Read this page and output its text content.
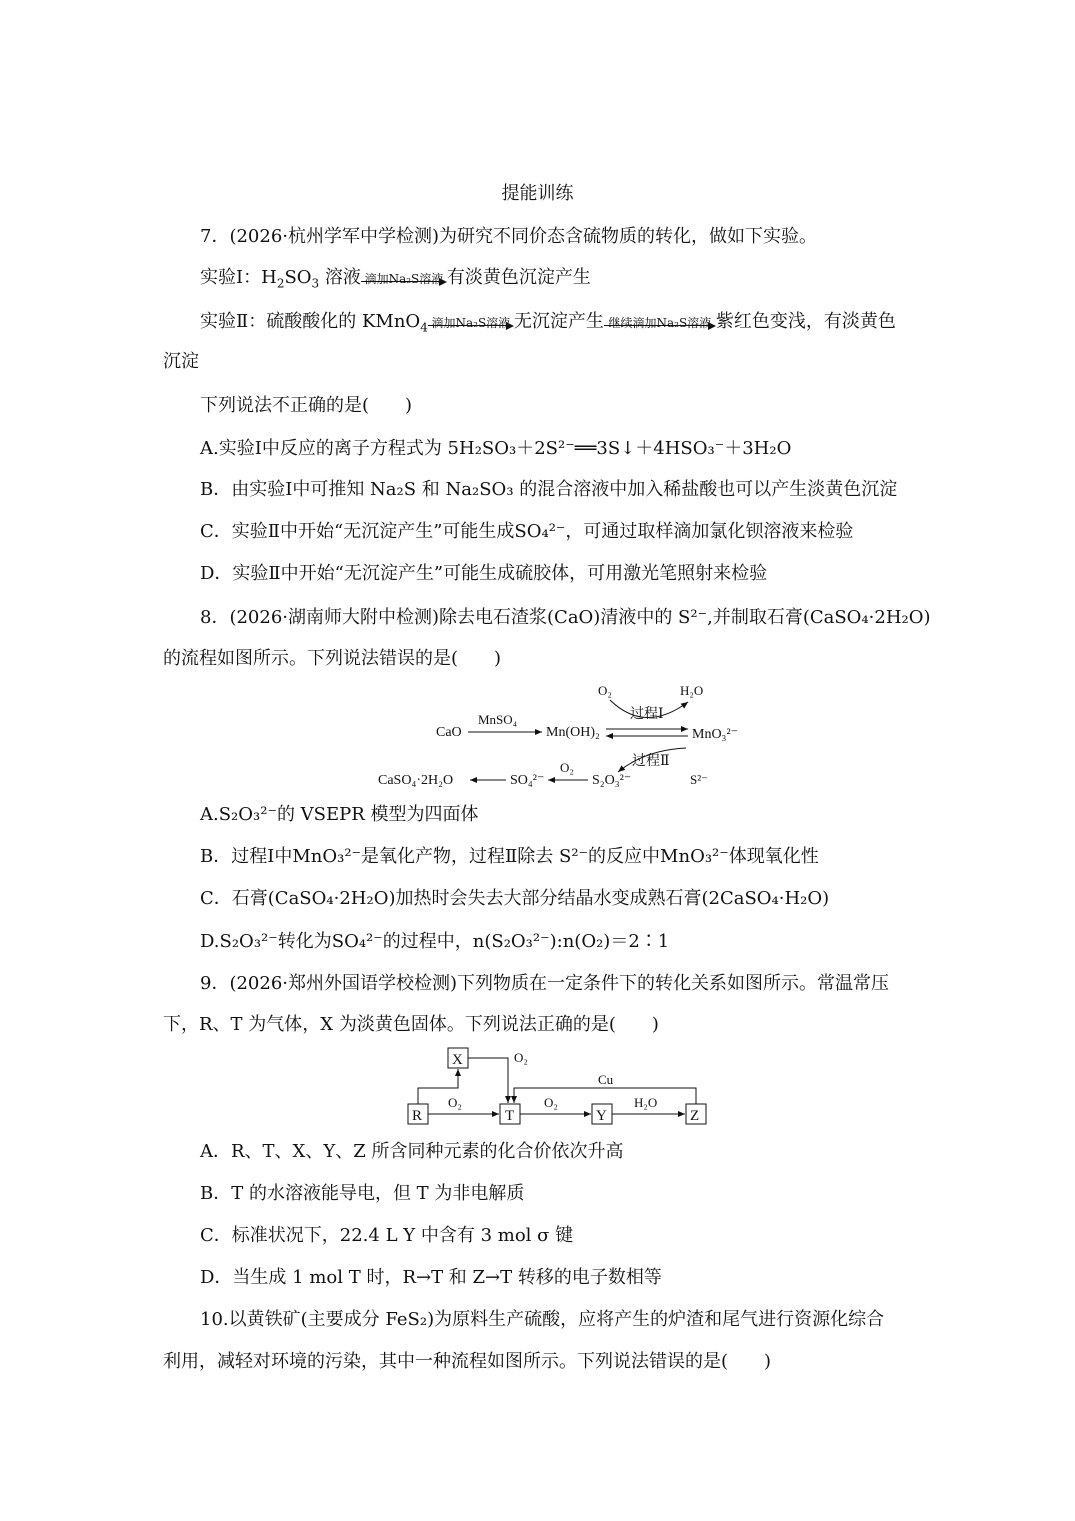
提能训练
7．(2026·杭州学军中学检测)为研究不同价态含硫物质的转化，做如下实验。
实验Ⅰ：$H_2SO_3$ 溶液 滴加Na₂S溶液 有淡黄色沉淀产生
实验Ⅱ：硫酸酸化的 KMnO$_4$ 滴加Na₂S溶液 无沉淀产生 继续滴加Na₂S溶液 紫红色变浅，有淡黄色
沉淀
下列说法不正确的是(　　)
A.实验Ⅰ中反应的离子方程式为 5H₂SO₃＋2S²⁻══3S↓＋4HSO₃⁻＋3H₂O
B．由实验Ⅰ中可推知 Na₂S 和 Na₂SO₃ 的混合溶液中加入稀盐酸也可以产生淡黄色沉淀
C．实验Ⅱ中开始“无沉淀产生”可能生成SO₄²⁻，可通过取样滴加氯化钡溶液来检验
D．实验Ⅱ中开始“无沉淀产生”可能生成硫胶体，可用激光笔照射来检验
8．(2026·湖南师大附中检测)除去电石渣浆(CaO)清液中的 S²⁻,并制取石膏(CaSO₄·2H₂O)
的流程如图所示。下列说法错误的是(　　)
CaO
MnSO₄
Mn(OH)₂
O₂	H₂O
过程Ⅰ
MnO₃²⁻
过程Ⅱ
S²⁻
S₂O₃²⁻
O₂
SO₄²⁻
CaSO₄·2H₂O
A.S₂O₃²⁻的 VSEPR 模型为四面体
B．过程Ⅰ中MnO₃²⁻是氧化产物，过程Ⅱ除去 S²⁻的反应中MnO₃²⁻体现氧化性
C．石膏(CaSO₄·2H₂O)加热时会失去大部分结晶水变成熟石膏(2CaSO₄·H₂O)
D.S₂O₃²⁻转化为SO₄²⁻的过程中，n(S₂O₃²⁻):n(O₂)＝2∶1
9．(2026·郑州外国语学校检测)下列物质在一定条件下的转化关系如图所示。常温常压
下，R、T 为气体，X 为淡黄色固体。下列说法正确的是(　　)
X
R	T	Y	Z
O₂	O₂	H₂O
O₂
Cu
A．R、T、X、Y、Z 所含同种元素的化合价依次升高
B．T 的水溶液能导电，但 T 为非电解质
C．标准状况下，22.4 L Y 中含有 3 mol σ 键
D．当生成 1 mol T 时，R→T 和 Z→T 转移的电子数相等
10.以黄铁矿(主要成分 FeS₂)为原料生产硫酸，应将产生的炉渣和尾气进行资源化综合
利用，减轻对环境的污染，其中一种流程如图所示。下列说法错误的是(　　)
